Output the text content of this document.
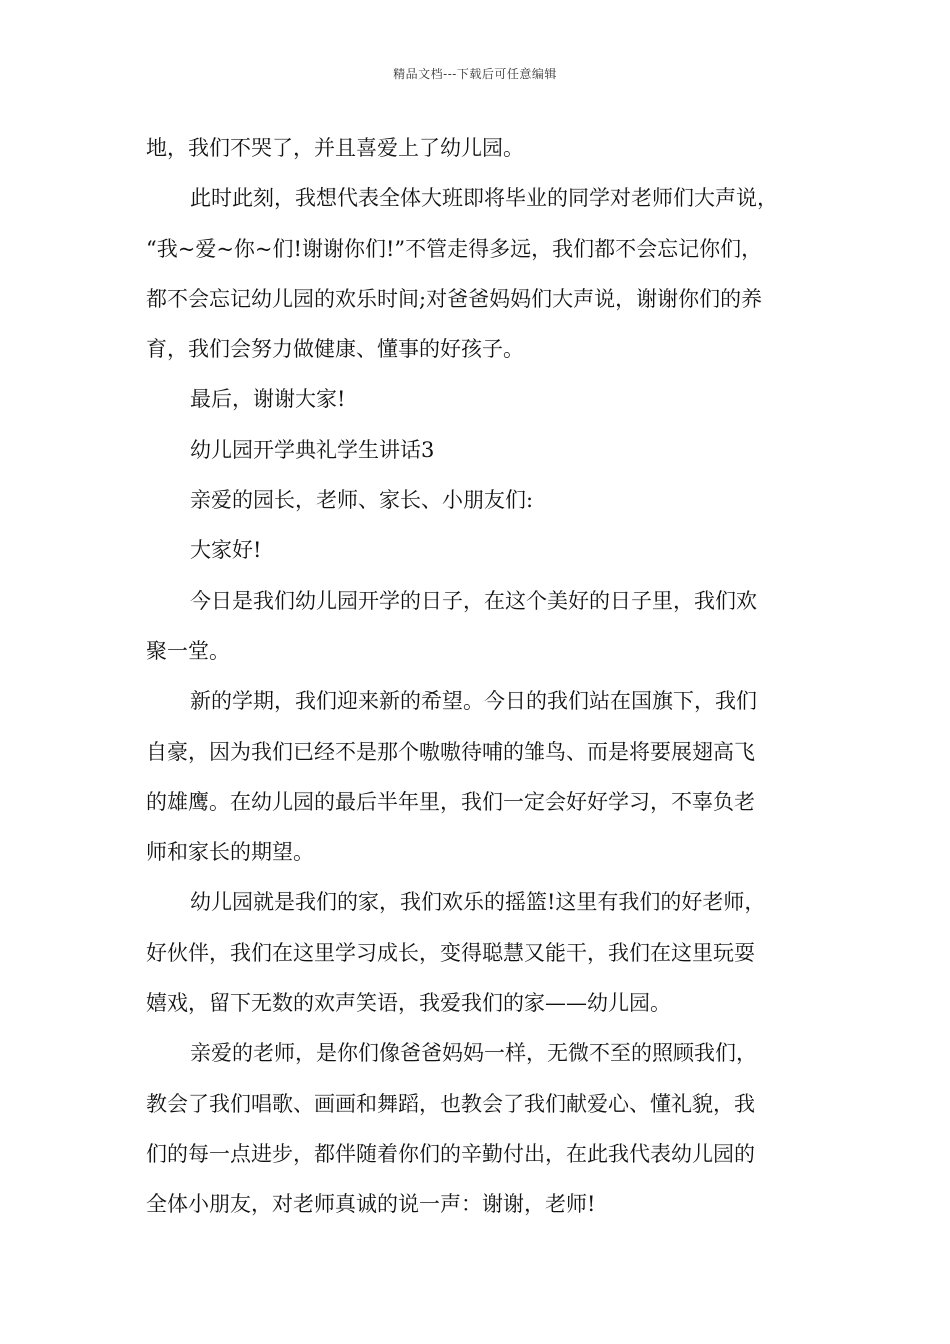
精品文档---下载后可任意编辑
地，我们不哭了，并且喜爱上了幼儿园。
此时此刻，我想代表全体大班即将毕业的同学对老师们大声说，
“我~爱~你~们!谢谢你们!”不管走得多远，我们都不会忘记你们，
都不会忘记幼儿园的欢乐时间;对爸爸妈妈们大声说，谢谢你们的养
育，我们会努力做健康、懂事的好孩子。
最后，谢谢大家!
幼儿园开学典礼学生讲话3
亲爱的园长，老师、家长、小朋友们:
大家好!
今日是我们幼儿园开学的日子，在这个美好的日子里，我们欢
聚一堂。
新的学期，我们迎来新的希望。今日的我们站在国旗下，我们
自豪，因为我们已经不是那个嗷嗷待哺的雏鸟、而是将要展翅高飞
的雄鹰。在幼儿园的最后半年里，我们一定会好好学习，不辜负老
师和家长的期望。
幼儿园就是我们的家，我们欢乐的摇篮!这里有我们的好老师，
好伙伴，我们在这里学习成长，变得聪慧又能干，我们在这里玩耍
嬉戏，留下无数的欢声笑语，我爱我们的家——幼儿园。
亲爱的老师，是你们像爸爸妈妈一样，无微不至的照顾我们，
教会了我们唱歌、画画和舞蹈，也教会了我们献爱心、懂礼貌，我
们的每一点进步，都伴随着你们的辛勤付出，在此我代表幼儿园的
全体小朋友，对老师真诚的说一声：谢谢，老师!
